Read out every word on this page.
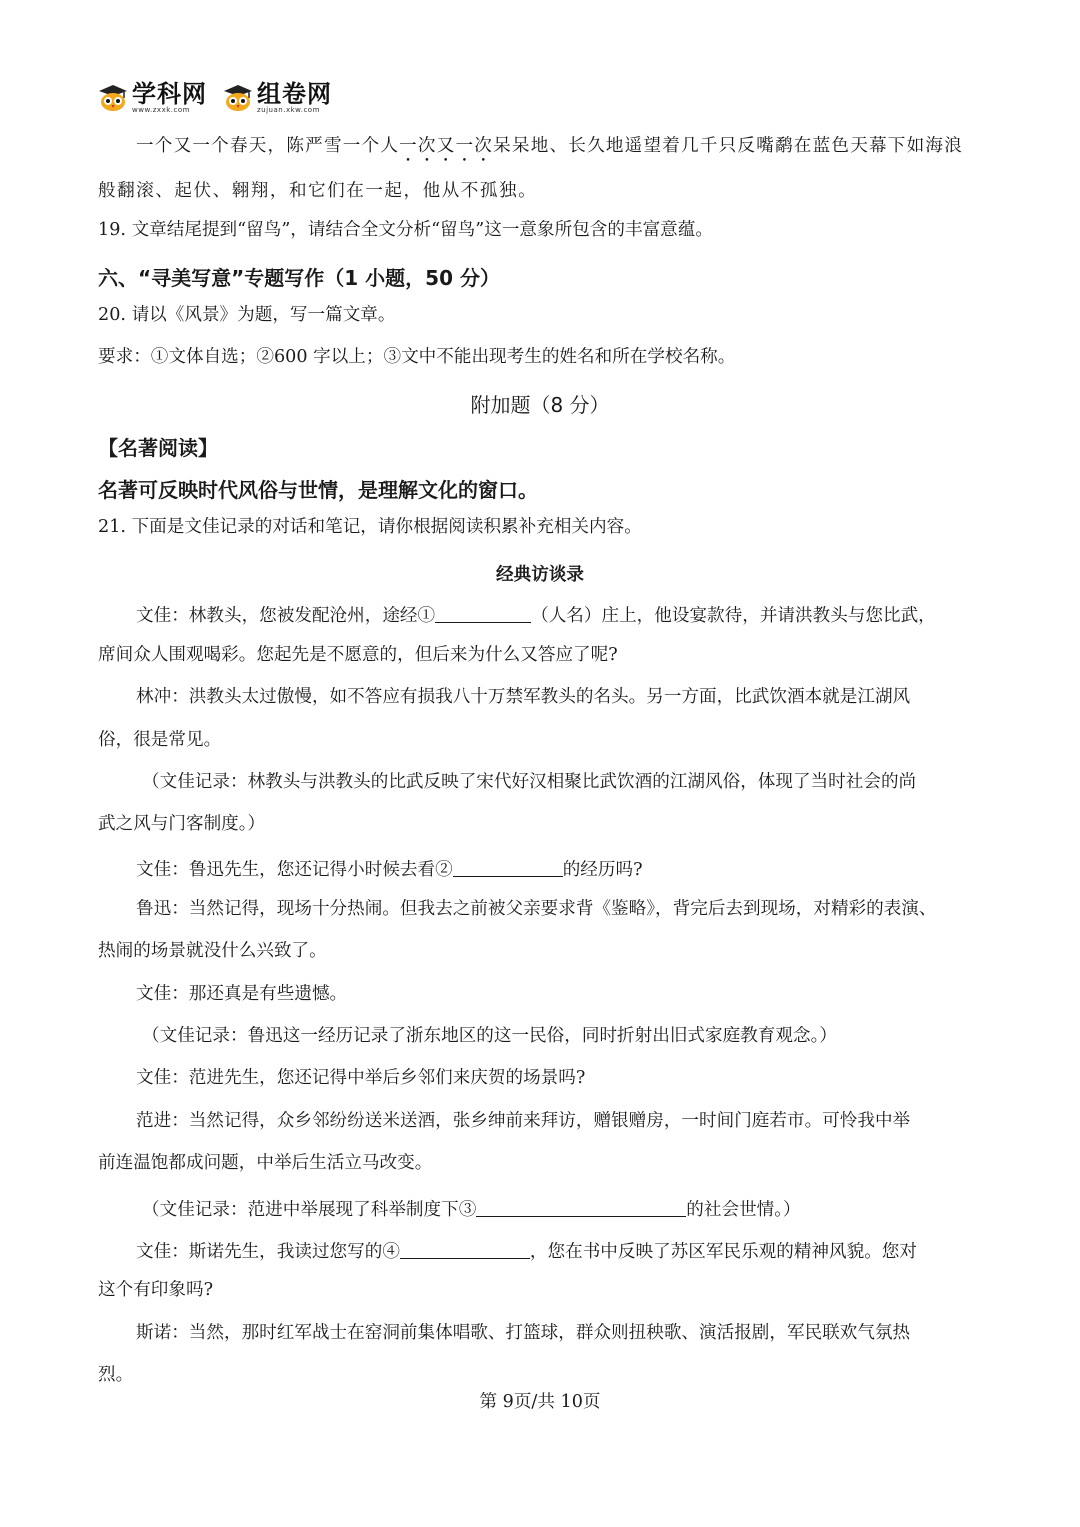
学科网
www.zxxk.com
组卷网
zujuan.xkw.com
一个又一个春天，陈严雪一个人一次又一次呆呆地、长久地遥望着几千只反嘴鹬在蓝色天幕下如海浪
般翻滚、起伏、翱翔，和它们在一起，他从不孤独。
19. 文章结尾提到“留鸟”，请结合全文分析“留鸟”这一意象所包含的丰富意蕴。
六、“寻美写意”专题写作（1 小题，50 分）
20. 请以《风景》为题，写一篇文章。
要求：①文体自选；②600 字以上；③文中不能出现考生的姓名和所在学校名称。
附加题（8 分）
【名著阅读】
名著可反映时代风俗与世情，是理解文化的窗口。
21. 下面是文佳记录的对话和笔记，请你根据阅读积累补充相关内容。
经典访谈录
文佳：林教头，您被发配沧州，途经①	（人名）庄上，他设宴款待，并请洪教头与您比武，
席间众人围观喝彩。您起先是不愿意的，但后来为什么又答应了呢?
林冲：洪教头太过傲慢，如不答应有损我八十万禁军教头的名头。另一方面，比武饮酒本就是江湖风
俗，很是常见。
（文佳记录：林教头与洪教头的比武反映了宋代好汉相聚比武饮酒的江湖风俗，体现了当时社会的尚
武之风与门客制度。）
文佳：鲁迅先生，您还记得小时候去看②	的经历吗?
鲁迅：当然记得，现场十分热闹。但我去之前被父亲要求背《鉴略》，背完后去到现场，对精彩的表演、
热闹的场景就没什么兴致了。
文佳：那还真是有些遗憾。
（文佳记录：鲁迅这一经历记录了浙东地区的这一民俗，同时折射出旧式家庭教育观念。）
文佳：范进先生，您还记得中举后乡邻们来庆贺的场景吗?
范进：当然记得，众乡邻纷纷送米送酒，张乡绅前来拜访，赠银赠房，一时间门庭若市。可怜我中举
前连温饱都成问题，中举后生活立马改变。
（文佳记录：范进中举展现了科举制度下③	的社会世情。）
文佳：斯诺先生，我读过您写的④	，您在书中反映了苏区军民乐观的精神风貌。您对
这个有印象吗?
斯诺：当然，那时红军战士在窑洞前集体唱歌、打篮球，群众则扭秧歌、演活报剧，军民联欢气氛热
烈。
第 9页/共 10页
